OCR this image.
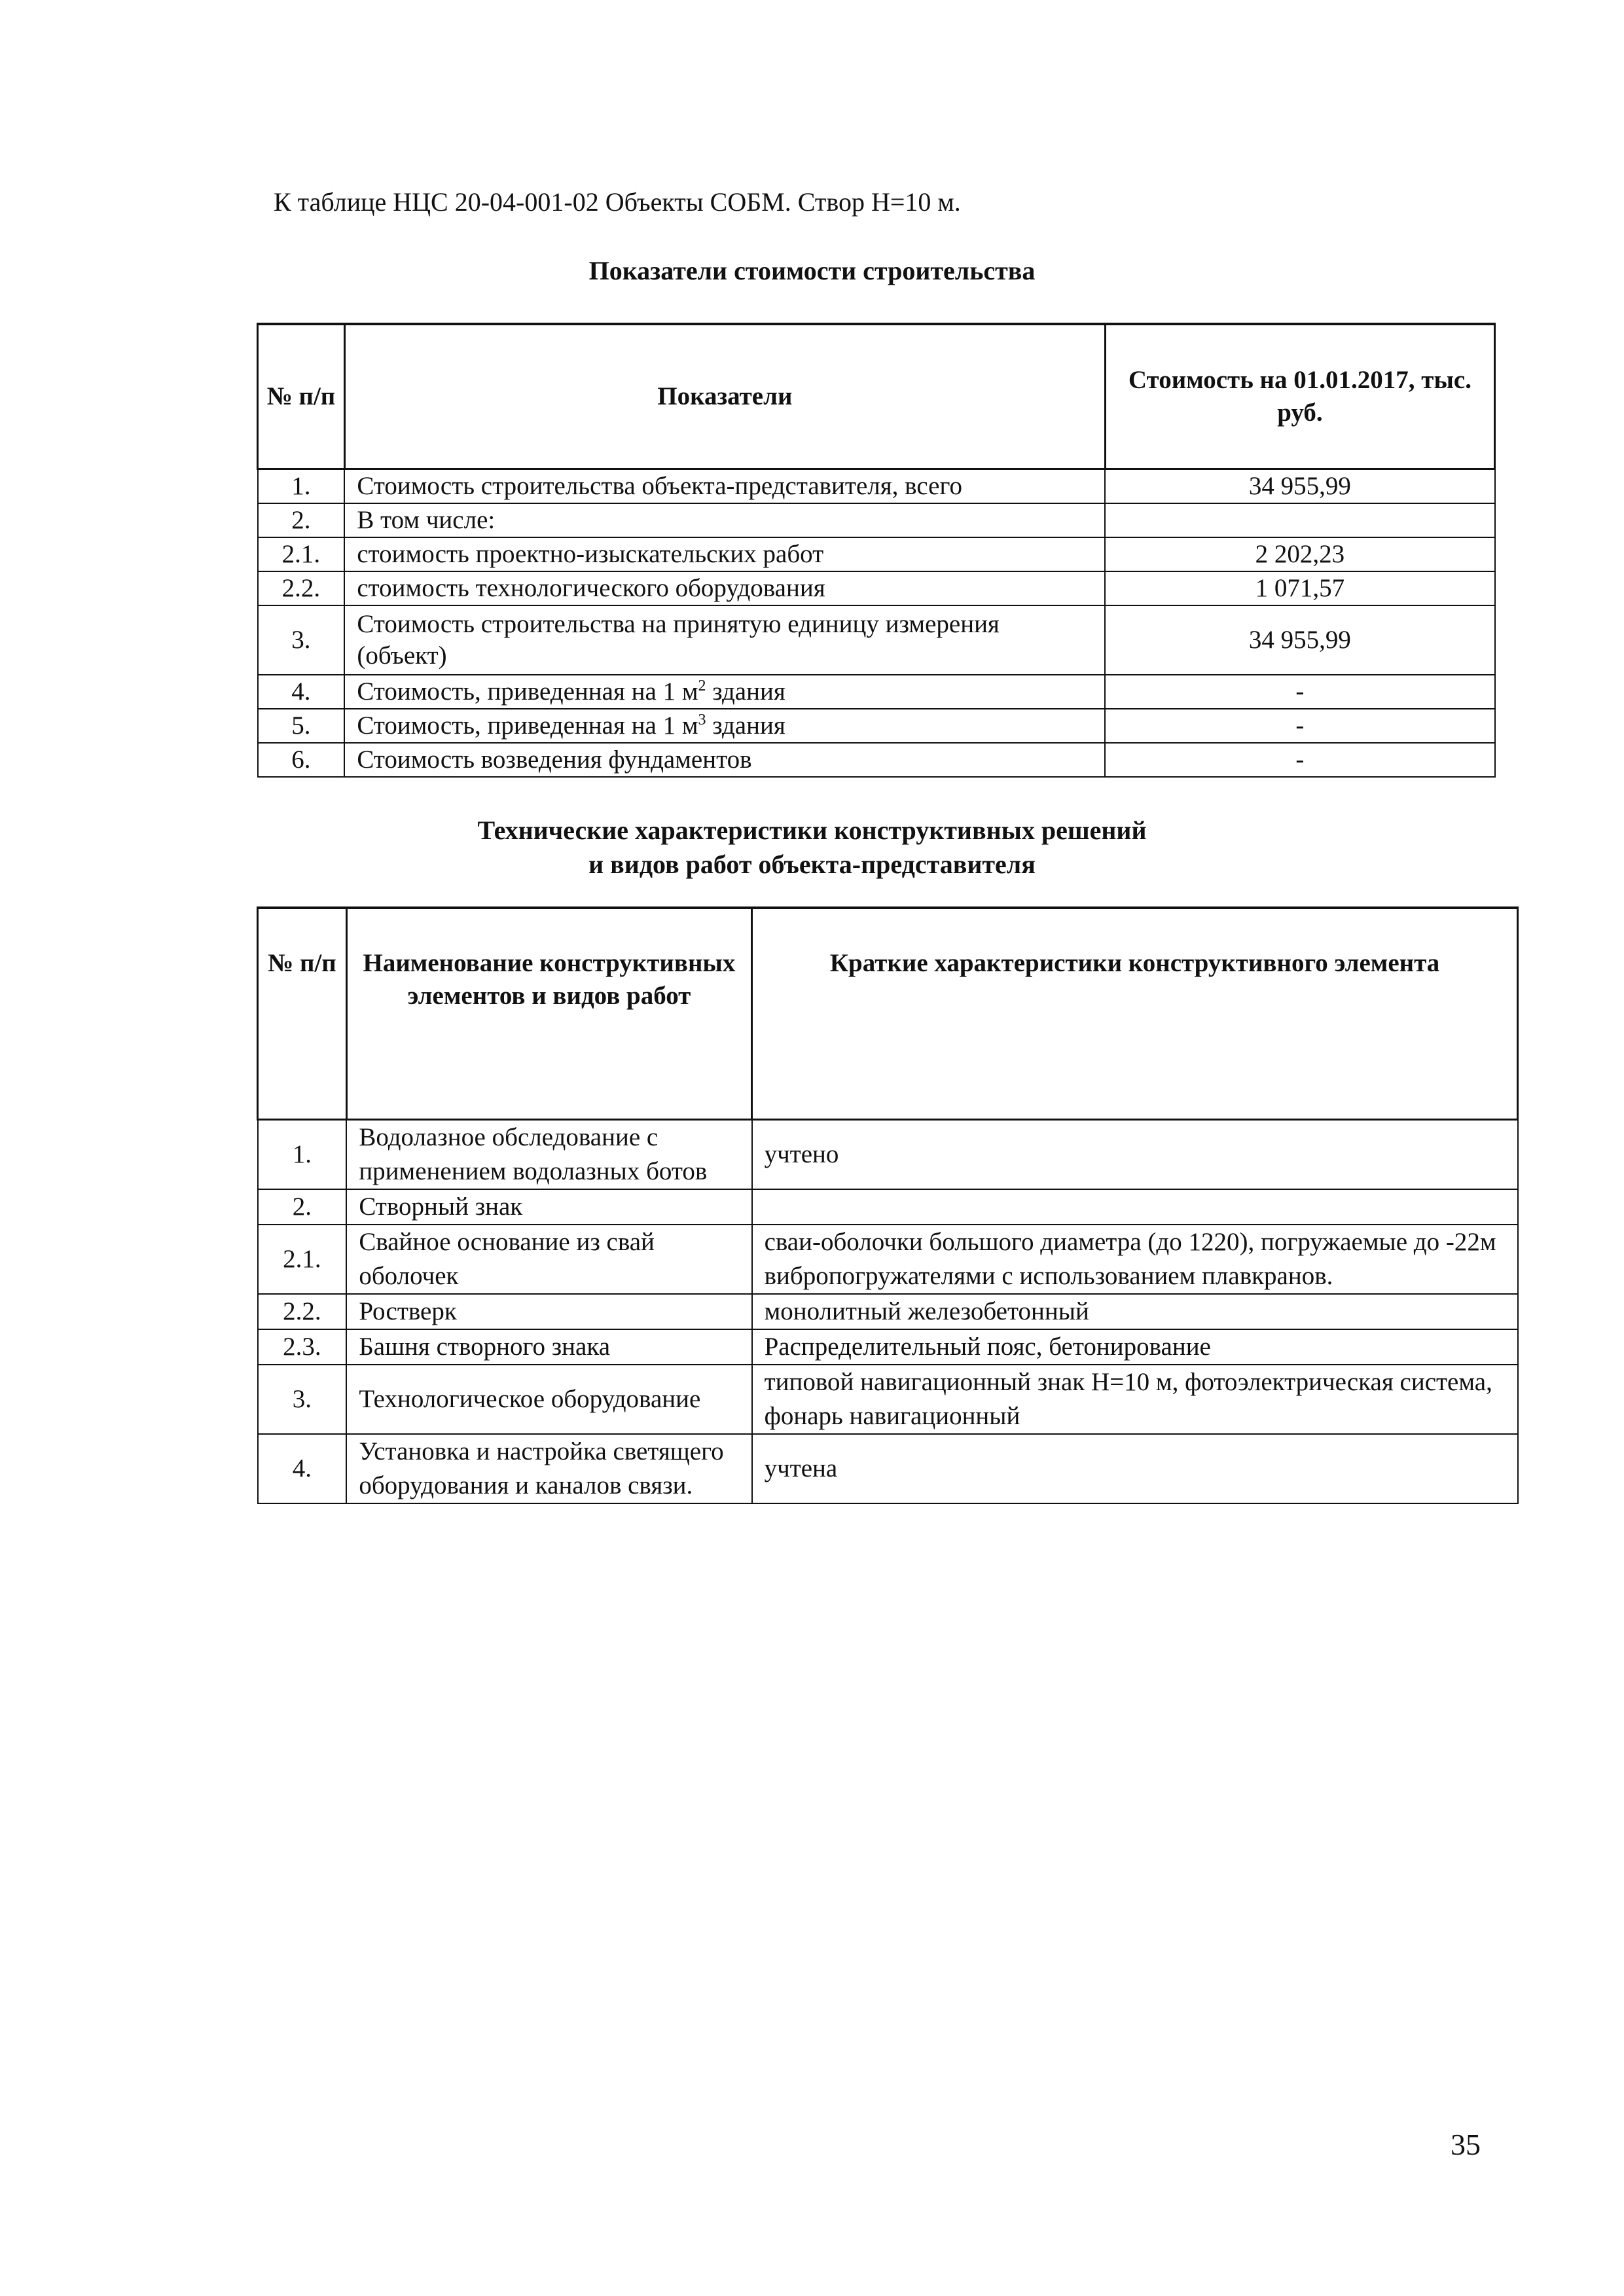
К таблице НЦС 20-04-001-02 Объекты СОБМ. Створ Н=10 м.
Показатели стоимости строительства
№ п/п	Показатели	Стоимость на 01.01.2017, тыс. руб.
1.	Стоимость строительства объекта-представителя, всего	34 955,99
2.	В том числе:	
2.1.	стоимость проектно-изыскательских работ	2 202,23
2.2.	стоимость технологического оборудования	1 071,57
3.	Стоимость строительства на принятую единицу измерения (объект)	34 955,99
4.	Стоимость, приведенная на 1 $м^2$ здания	-
5.	Стоимость, приведенная на 1 $м^3$ здания	-
6.	Стоимость возведения фундаментов	-
Технические характеристики конструктивных решений
и видов работ объекта-представителя
№ п/п	Наименование конструктивных элементов и видов работ	Краткие характеристики конструктивного элемента
1.	Водолазное обследование с применением водолазных ботов	учтено
2.	Створный знак	
2.1.	Свайное основание из свай оболочек	сваи-оболочки большого диаметра (до 1220), погружаемые до -22м вибропогружателями с использованием плавкранов.
2.2.	Ростверк	монолитный железобетонный
2.3.	Башня створного знака	Распределительный пояс, бетонирование
3.	Технологическое оборудование	типовой навигационный знак Н=10 м, фотоэлектрическая система, фонарь навигационный
4.	Установка и настройка светящего оборудования и каналов связи.	учтена
35
